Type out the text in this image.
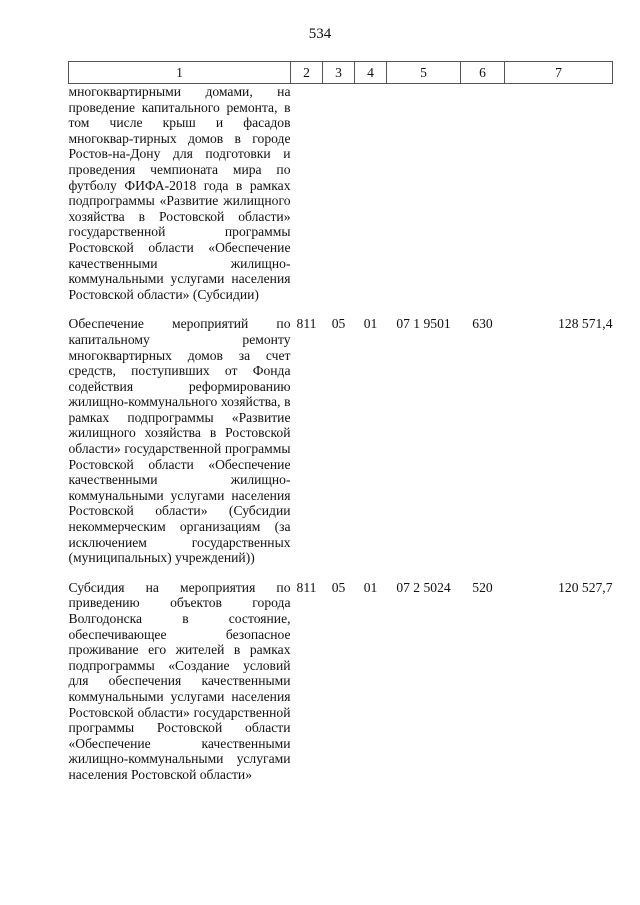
534
1	2	3	4	5	6	7
многоквартирными домами, на проведение капитального ремонта, в том числе крыш и фасадов многоквар-тирных домов в городе Ростов-на-Дону для подготовки и проведения чемпионата мира по футболу ФИФА-2018 года в рамках подпрограммы «Развитие жилищного хозяйства в Ростовской области» государственной программы Ростовской области «Обеспечение качественными жилищно-коммунальными услугами населения Ростовской области» (Субсидии)						

Обеспечение мероприятий по капитальному ремонту многоквартирных домов за счет средств, поступивших от Фонда содействия реформированию жилищно-коммунального хозяйства, в рамках подпрограммы «Развитие жилищного хозяйства в Ростовской области» государственной программы Ростовской области «Обеспечение качественными жилищно-коммунальными услугами населения Ростовской области» (Субсидии некоммерческим организациям (за исключением государственных (муниципальных) учреждений))	811	05	01	07 1 9501	630	128 571,4

Субсидия на мероприятия по приведению объектов города Волгодонска в состояние, обеспечивающее безопасное проживание его жителей в рамках подпрограммы «Создание условий для обеспечения качественными коммунальными услугами населения Ростовской области» государственной программы Ростовской области «Обеспечение качественными жилищно-коммунальными услугами населения Ростовской области»	811	05	01	07 2 5024	520	120 527,7
